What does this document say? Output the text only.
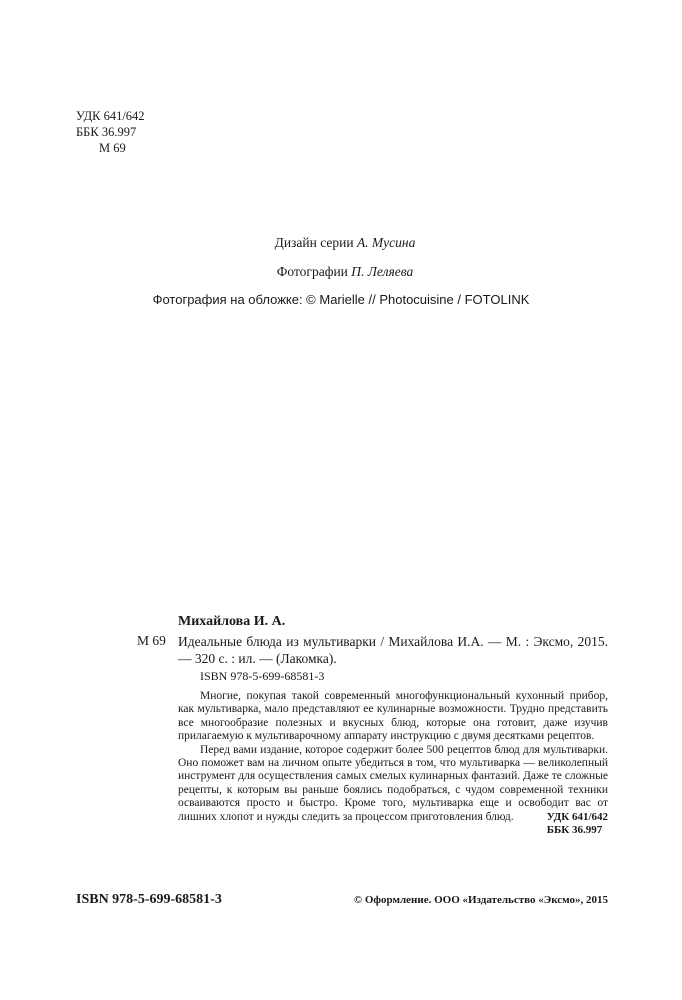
УДК 641/642
ББК 36.997
М 69
Дизайн серии А. Мусина
Фотографии П. Леляева
Фотография на обложке: © Marielle // Photocuisine / FOTOLINK
Михайлова И. А.
М 69 Идеальные блюда из мультиварки / Михайлова И.А. — М. : Эксмо, 2015. — 320 с. : ил. — (Лакомка).
ISBN 978-5-699-68581-3

Многие, покупая такой современный многофункциональный кухонный прибор, как мультиварка, мало представляют ее кулинарные возможности. Трудно представить все многообразие полезных и вкусных блюд, которые она готовит, даже изучив прилагаемую к мультиварочному аппарату инструкцию с двумя десятками рецептов.

Перед вами издание, которое содержит более 500 рецептов блюд для мультиварки. Оно поможет вам на личном опыте убедиться в том, что мультиварка — великолепный инструмент для осуществления самых смелых кулинарных фантазий. Даже те сложные рецепты, к которым вы раньше боялись подобраться, с чудом современной техники осваиваются просто и быстро. Кроме того, мультиварка еще и освободит вас от лишних хлопот и нужды следить за процессом приготовления блюд.	УДК 641/642
ББК 36.997
ISBN 978-5-699-68581-3	© Оформление. ООО «Издательство «Эксмо», 2015
